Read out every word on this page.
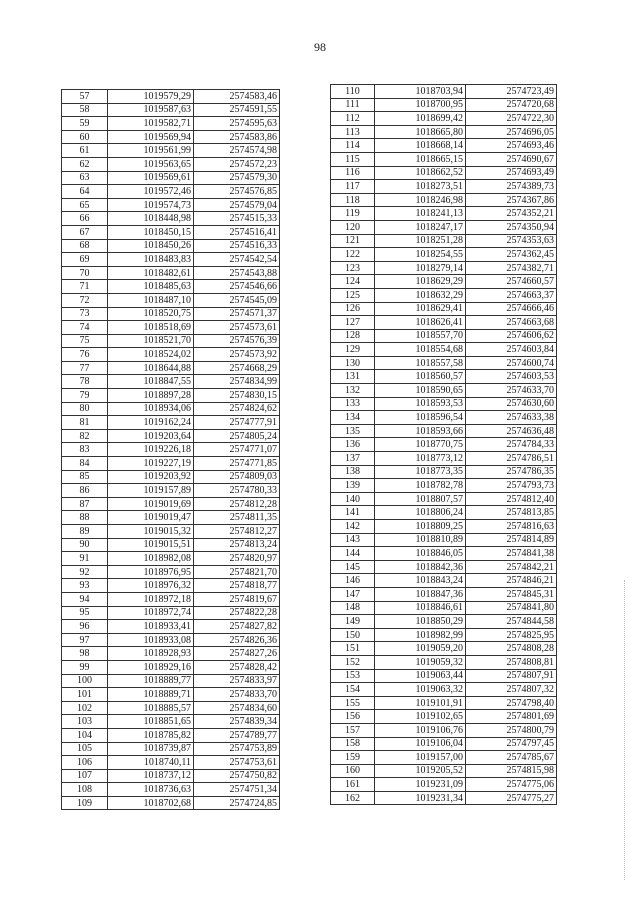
98
57	1019579,29	2574583,46
58	1019587,63	2574591,55
59	1019582,71	2574595,63
60	1019569,94	2574583,86
61	1019561,99	2574574,98
62	1019563,65	2574572,23
63	1019569,61	2574579,30
64	1019572,46	2574576,85
65	1019574,73	2574579,04
66	1018448,98	2574515,33
67	1018450,15	2574516,41
68	1018450,26	2574516,33
69	1018483,83	2574542,54
70	1018482,61	2574543,88
71	1018485,63	2574546,66
72	1018487,10	2574545,09
73	1018520,75	2574571,37
74	1018518,69	2574573,61
75	1018521,70	2574576,39
76	1018524,02	2574573,92
77	1018644,88	2574668,29
78	1018847,55	2574834,99
79	1018897,28	2574830,15
80	1018934,06	2574824,62
81	1019162,24	2574777,91
82	1019203,64	2574805,24
83	1019226,18	2574771,07
84	1019227,19	2574771,85
85	1019203,92	2574809,03
86	1019157,89	2574780,33
87	1019019,69	2574812,28
88	1019019,47	2574811,35
89	1019015,32	2574812,27
90	1019015,51	2574813,24
91	1018982,08	2574820,97
92	1018976,95	2574821,70
93	1018976,32	2574818,77
94	1018972,18	2574819,67
95	1018972,74	2574822,28
96	1018933,41	2574827,82
97	1018933,08	2574826,36
98	1018928,93	2574827,26
99	1018929,16	2574828,42
100	1018889,77	2574833,97
101	1018889,71	2574833,70
102	1018885,57	2574834,60
103	1018851,65	2574839,34
104	1018785,82	2574789,77
105	1018739,87	2574753,89
106	1018740,11	2574753,61
107	1018737,12	2574750,82
108	1018736,63	2574751,34
109	1018702,68	2574724,85
110	1018703,94	2574723,49
111	1018700,95	2574720,68
112	1018699,42	2574722,30
113	1018665,80	2574696,05
114	1018668,14	2574693,46
115	1018665,15	2574690,67
116	1018662,52	2574693,49
117	1018273,51	2574389,73
118	1018246,98	2574367,86
119	1018241,13	2574352,21
120	1018247,17	2574350,94
121	1018251,28	2574353,63
122	1018254,55	2574362,45
123	1018279,14	2574382,71
124	1018629,29	2574660,57
125	1018632,29	2574663,37
126	1018629,41	2574666,46
127	1018626,41	2574663,68
128	1018557,70	2574606,62
129	1018554,68	2574603,84
130	1018557,58	2574600,74
131	1018560,57	2574603,53
132	1018590,65	2574633,70
133	1018593,53	2574630,60
134	1018596,54	2574633,38
135	1018593,66	2574636,48
136	1018770,75	2574784,33
137	1018773,12	2574786,51
138	1018773,35	2574786,35
139	1018782,78	2574793,73
140	1018807,57	2574812,40
141	1018806,24	2574813,85
142	1018809,25	2574816,63
143	1018810,89	2574814,89
144	1018846,05	2574841,38
145	1018842,36	2574842,21
146	1018843,24	2574846,21
147	1018847,36	2574845,31
148	1018846,61	2574841,80
149	1018850,29	2574844,58
150	1018982,99	2574825,95
151	1019059,20	2574808,28
152	1019059,32	2574808,81
153	1019063,44	2574807,91
154	1019063,32	2574807,32
155	1019101,91	2574798,40
156	1019102,65	2574801,69
157	1019106,76	2574800,79
158	1019106,04	2574797,45
159	1019157,00	2574785,67
160	1019205,52	2574815,98
161	1019231,09	2574775,06
162	1019231,34	2574775,27
